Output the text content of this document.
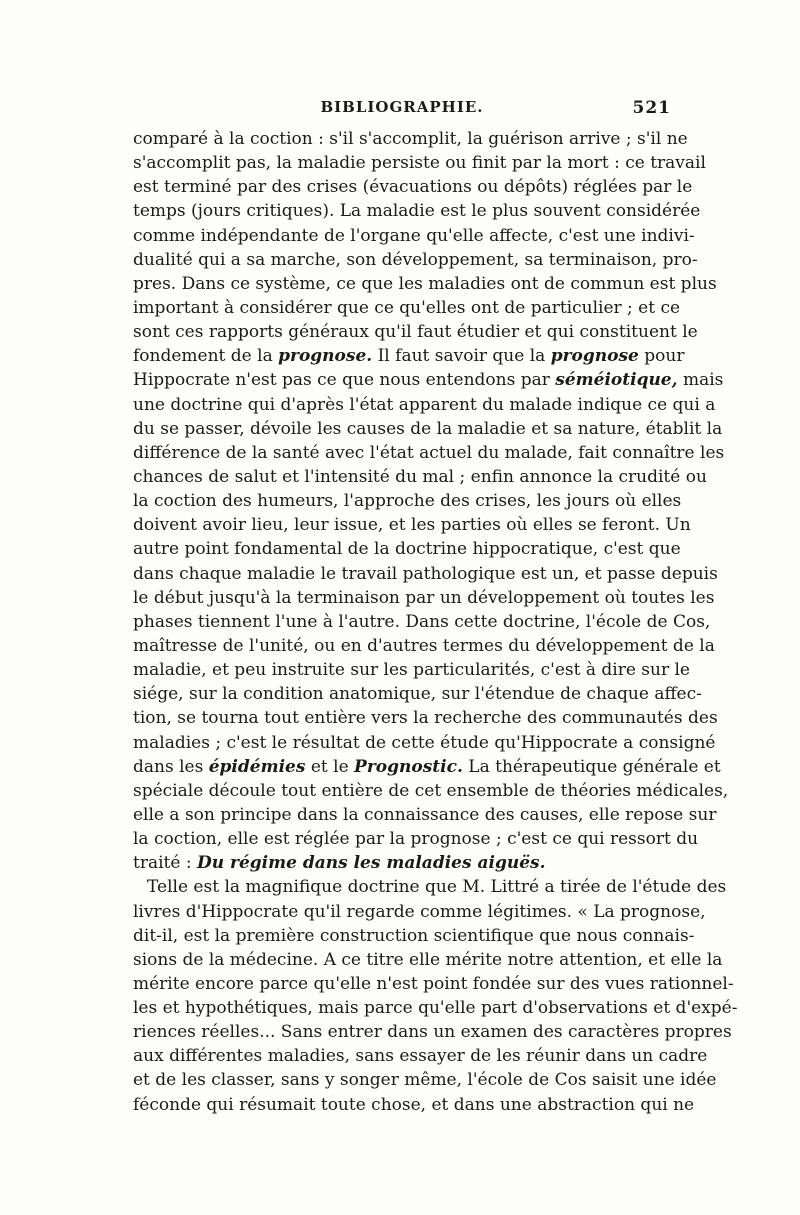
BIBLIOGRAPHIE.	521
comparé à la coction : s'il s'accomplit, la guérison arrive ; s'il ne
s'accomplit pas, la maladie persiste ou finit par la mort : ce travail
est terminé par des crises (évacuations ou dépôts) réglées par le
temps (jours critiques). La maladie est le plus souvent considérée
comme indépendante de l'organe qu'elle affecte, c'est une indivi-
dualité qui a sa marche, son développement, sa terminaison, pro-
pres. Dans ce système, ce que les maladies ont de commun est plus
important à considérer que ce qu'elles ont de particulier ; et ce
sont ces rapports généraux qu'il faut étudier et qui constituent le
fondement de la prognose. Il faut savoir que la prognose pour
Hippocrate n'est pas ce que nous entendons par séméiotique, mais
une doctrine qui d'après l'état apparent du malade indique ce qui a
du se passer, dévoile les causes de la maladie et sa nature, établit la
différence de la santé avec l'état actuel du malade, fait connaître les
chances de salut et l'intensité du mal ; enfin annonce la crudité ou
la coction des humeurs, l'approche des crises, les jours où elles
doivent avoir lieu, leur issue, et les parties où elles se feront. Un
autre point fondamental de la doctrine hippocratique, c'est que
dans chaque maladie le travail pathologique est un, et passe depuis
le début jusqu'à la terminaison par un développement où toutes les
phases tiennent l'une à l'autre. Dans cette doctrine, l'école de Cos,
maîtresse de l'unité, ou en d'autres termes du développement de la
maladie, et peu instruite sur les particularités, c'est à dire sur le
siége, sur la condition anatomique, sur l'étendue de chaque affec-
tion, se tourna tout entière vers la recherche des communautés des
maladies ; c'est le résultat de cette étude qu'Hippocrate a consigné
dans les épidémies et le Prognostic. La thérapeutique générale et
spéciale découle tout entière de cet ensemble de théories médicales,
elle a son principe dans la connaissance des causes, elle repose sur
la coction, elle est réglée par la prognose ; c'est ce qui ressort du
traité : Du régime dans les maladies aiguës.
Telle est la magnifique doctrine que M. Littré a tirée de l'étude des
livres d'Hippocrate qu'il regarde comme légitimes. « La prognose,
dit-il, est la première construction scientifique que nous connais-
sions de la médecine. A ce titre elle mérite notre attention, et elle la
mérite encore parce qu'elle n'est point fondée sur des vues rationnel-
les et hypothétiques, mais parce qu'elle part d'observations et d'expé-
riences réelles... Sans entrer dans un examen des caractères propres
aux différentes maladies, sans essayer de les réunir dans un cadre
et de les classer, sans y songer même, l'école de Cos saisit une idée
féconde qui résumait toute chose, et dans une abstraction qui ne
